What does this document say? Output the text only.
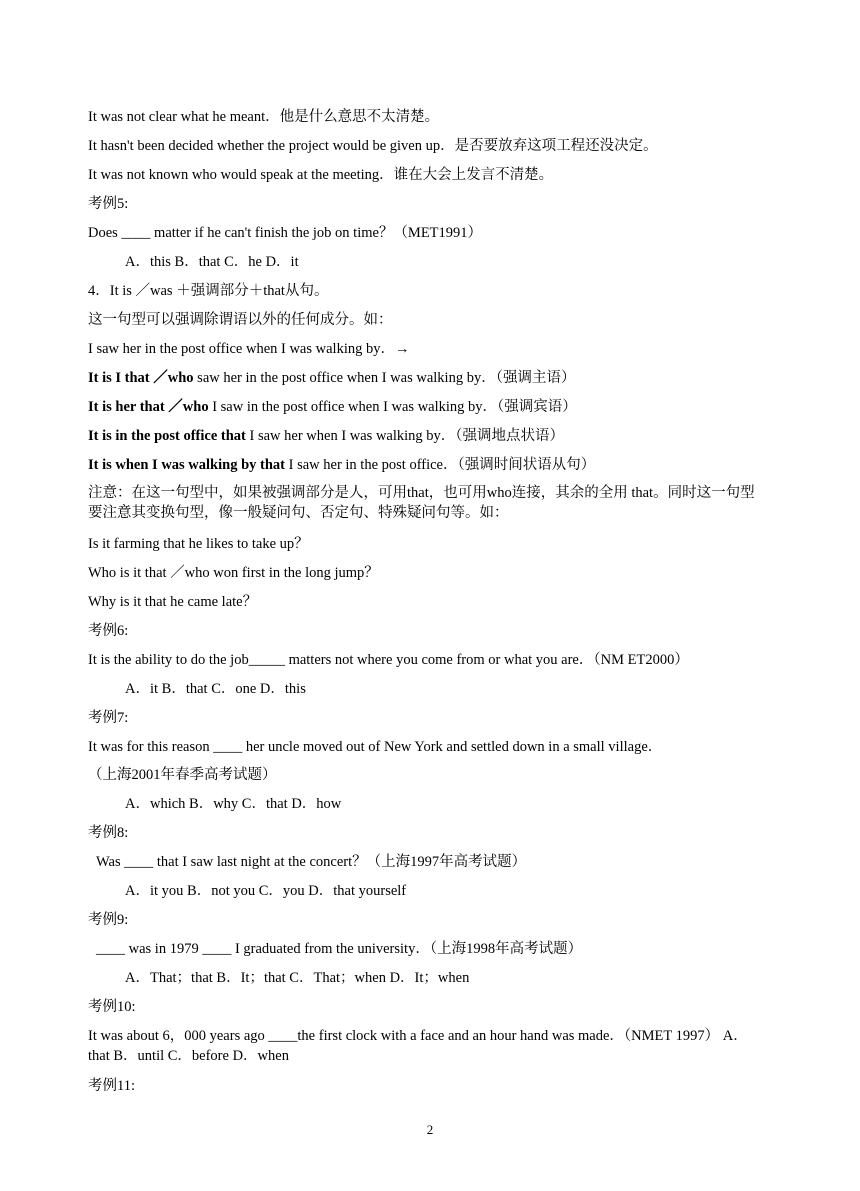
It was not clear what he meant．他是什么意思不太清楚。
It hasn't been decided whether the project would be given up．是否要放弃这项工程还没决定。
It was not known who would speak at the meeting．谁在大会上发言不清楚。
考例5:
Does ____ matter if he can't finish the job on time？（MET1991）
A．this B．that C．he D．it
4．It is ／was ＋强调部分＋that从句。
这一句型可以强调除谓语以外的任何成分。如：
I saw her in the post office when I was walking by．→
It is I that ／who saw her in the post office when I was walking by．（强调主语）
It is her that ／who I saw in the post office when I was walking by．（强调宾语）
It is in the post office that I saw her when I was walking by．（强调地点状语）
It is when I was walking by that I saw her in the post office．（强调时间状语从句）
注意：在这一句型中，如果被强调部分是人，可用that，也可用who连接，其余的全用 that。同时这一句型要注意其变换句型，像一般疑问句、否定句、特殊疑问句等。如：
Is it farming that he likes to take up？
Who is it that ／who won first in the long jump？
Why is it that he came late？
考例6:
It is the ability to do the job_____ matters not where you come from or what you are．（NM ET2000）
A．it B．that C．one D．this
考例7:
It was for this reason ____ her uncle moved out of New York and settled down in a small village．
（上海2001年春季高考试题）
A．which B．why C．that D．how
考例8:
Was ____ that I saw last night at the concert？（上海1997年高考试题）
A．it you B．not you C．you D．that yourself
考例9:
____ was in 1979 ____ I graduated from the university．（上海1998年高考试题）
A．That；that B．It；that C．That；when D．It；when
考例10:
It was about 6，000 years ago ____the first clock with a face and an hour hand was made．（NMET 1997） A．that B．until C．before D．when
考例11:
2
